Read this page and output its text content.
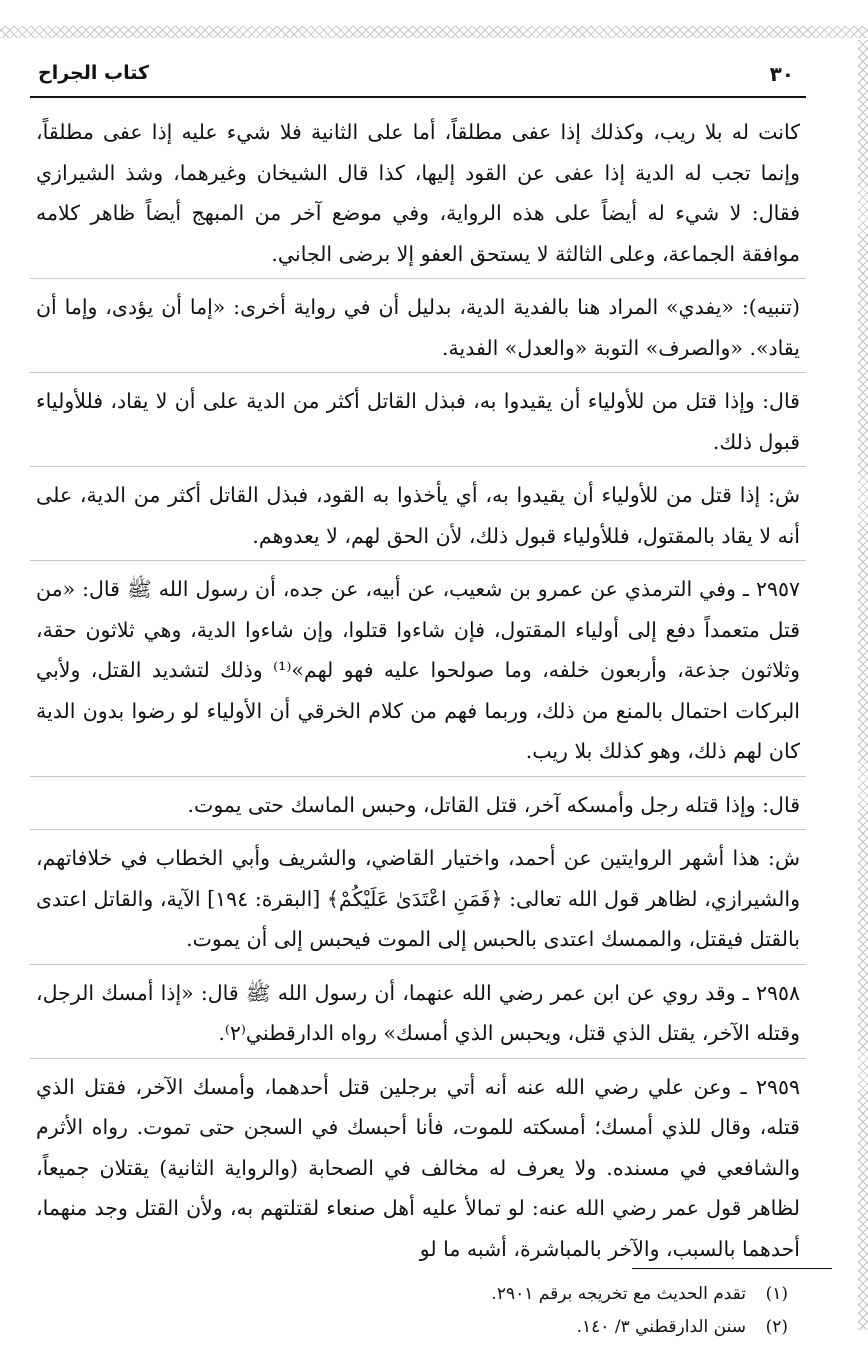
٣٠
كتاب الجراح

كانت له بلا ريب، وكذلك إذا عفى مطلقاً، أما على الثانية فلا شيء عليه إذا عفى مطلقاً، وإنما تجب له الدية إذا عفى عن القود إليها، كذا قال الشيخان وغيرهما، وشذ الشيرازي فقال: لا شيء له أيضاً على هذه الرواية، وفي موضع آخر من المبهج أيضاً ظاهر كلامه موافقة الجماعة، وعلى الثالثة لا يستحق العفو إلا برضى الجاني.

(تنبيه): «يفدي» المراد هنا بالفدية الدية، بدليل أن في رواية أخرى: «إما أن يؤدى، وإما أن يقاد». «والصرف» التوبة «والعدل» الفدية.

قال: وإذا قتل من للأولياء أن يقيدوا به، فبذل القاتل أكثر من الدية على أن لا يقاد، فللأولياء قبول ذلك.

ش: إذا قتل من للأولياء أن يقيدوا به، أي يأخذوا به القود، فبذل القاتل أكثر من الدية، على أنه لا يقاد بالمقتول، فللأولياء قبول ذلك، لأن الحق لهم، لا يعدوهم.

٢٩٥٧ ـ وفي الترمذي عن عمرو بن شعيب، عن أبيه، عن جده، أن رسول الله ﷺ قال: «من قتل متعمداً دفع إلى أولياء المقتول، فإن شاءوا قتلوا، وإن شاءوا الدية، وهي ثلاثون حقة، وثلاثون جذعة، وأربعون خلفه، وما صولحوا عليه فهو لهم»⁽¹⁾ وذلك لتشديد القتل، ولأبي البركات احتمال بالمنع من ذلك، وربما فهم من كلام الخرقي أن الأولياء لو رضوا بدون الدية كان لهم ذلك، وهو كذلك بلا ريب.

قال: وإذا قتله رجل وأمسكه آخر، قتل القاتل، وحبس الماسك حتى يموت.

ش: هذا أشهر الروايتين عن أحمد، واختيار القاضي، والشريف وأبي الخطاب في خلافاتهم، والشيرازي، لظاهر قول الله تعالى: ﴿فَمَنِ اعْتَدَىٰ عَلَيْكُمْ﴾ [البقرة: ١٩٤] الآية، والقاتل اعتدى بالقتل فيقتل، والممسك اعتدى بالحبس إلى الموت فيحبس إلى أن يموت.

٢٩٥٨ ـ وقد روي عن ابن عمر رضي الله عنهما، أن رسول الله ﷺ قال: «إذا أمسك الرجل، وقتله الآخر، يقتل الذي قتل، ويحبس الذي أمسك» رواه الدارقطني⁽٢⁾.

٢٩٥٩ ـ وعن علي رضي الله عنه أنه أتي برجلين قتل أحدهما، وأمسك الآخر، فقتل الذي قتله، وقال للذي أمسك؛ أمسكته للموت، فأنا أحبسك في السجن حتى تموت. رواه الأثرم والشافعي في مسنده. ولا يعرف له مخالف في الصحابة (والرواية الثانية) يقتلان جميعاً، لظاهر قول عمر رضي الله عنه: لو تمالأ عليه أهل صنعاء لقتلتهم به، ولأن القتل وجد منهما، أحدهما بالسبب، والآخر بالمباشرة، أشبه ما لو

(١)
تقدم الحديث مع تخريجه برقم ٢٩٠١.
(٢)
سنن الدارقطني ٣/ ١٤٠.
